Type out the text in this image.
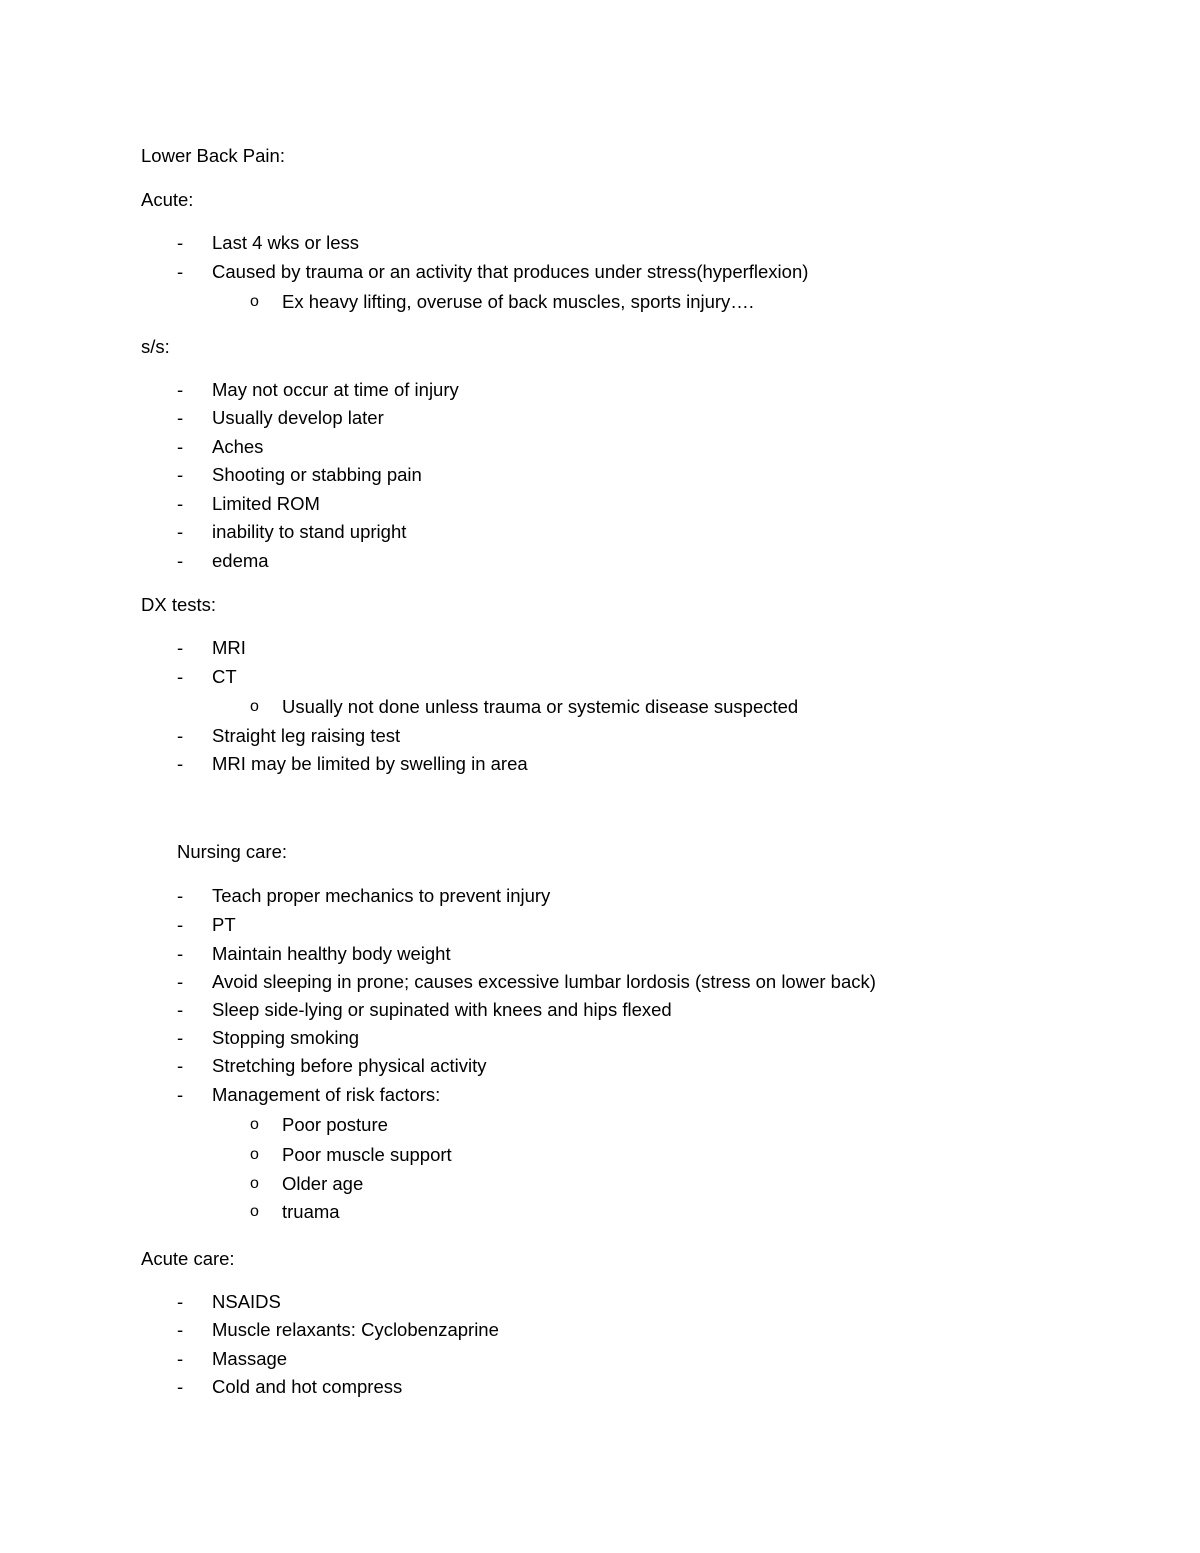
Lower Back Pain:
Acute:
- Last 4 wks or less
- Caused by trauma or an activity that produces under stress(hyperflexion)
o Ex heavy lifting, overuse of back muscles, sports injury….
s/s:
- May not occur at time of injury
- Usually develop later
- Aches
- Shooting or stabbing pain
- Limited ROM
- inability to stand upright
- edema
DX tests:
- MRI
- CT
o Usually not done unless trauma or systemic disease suspected
- Straight leg raising test
- MRI may be limited by swelling in area
Nursing care:
- Teach proper mechanics to prevent injury
- PT
- Maintain healthy body weight
- Avoid sleeping in prone; causes excessive lumbar lordosis (stress on lower back)
- Sleep side-lying or supinated with knees and hips flexed
- Stopping smoking
- Stretching before physical activity
- Management of risk factors:
o Poor posture
o Poor muscle support
o Older age
o truama
Acute care:
- NSAIDS
- Muscle relaxants: Cyclobenzaprine
- Massage
- Cold and hot compress
